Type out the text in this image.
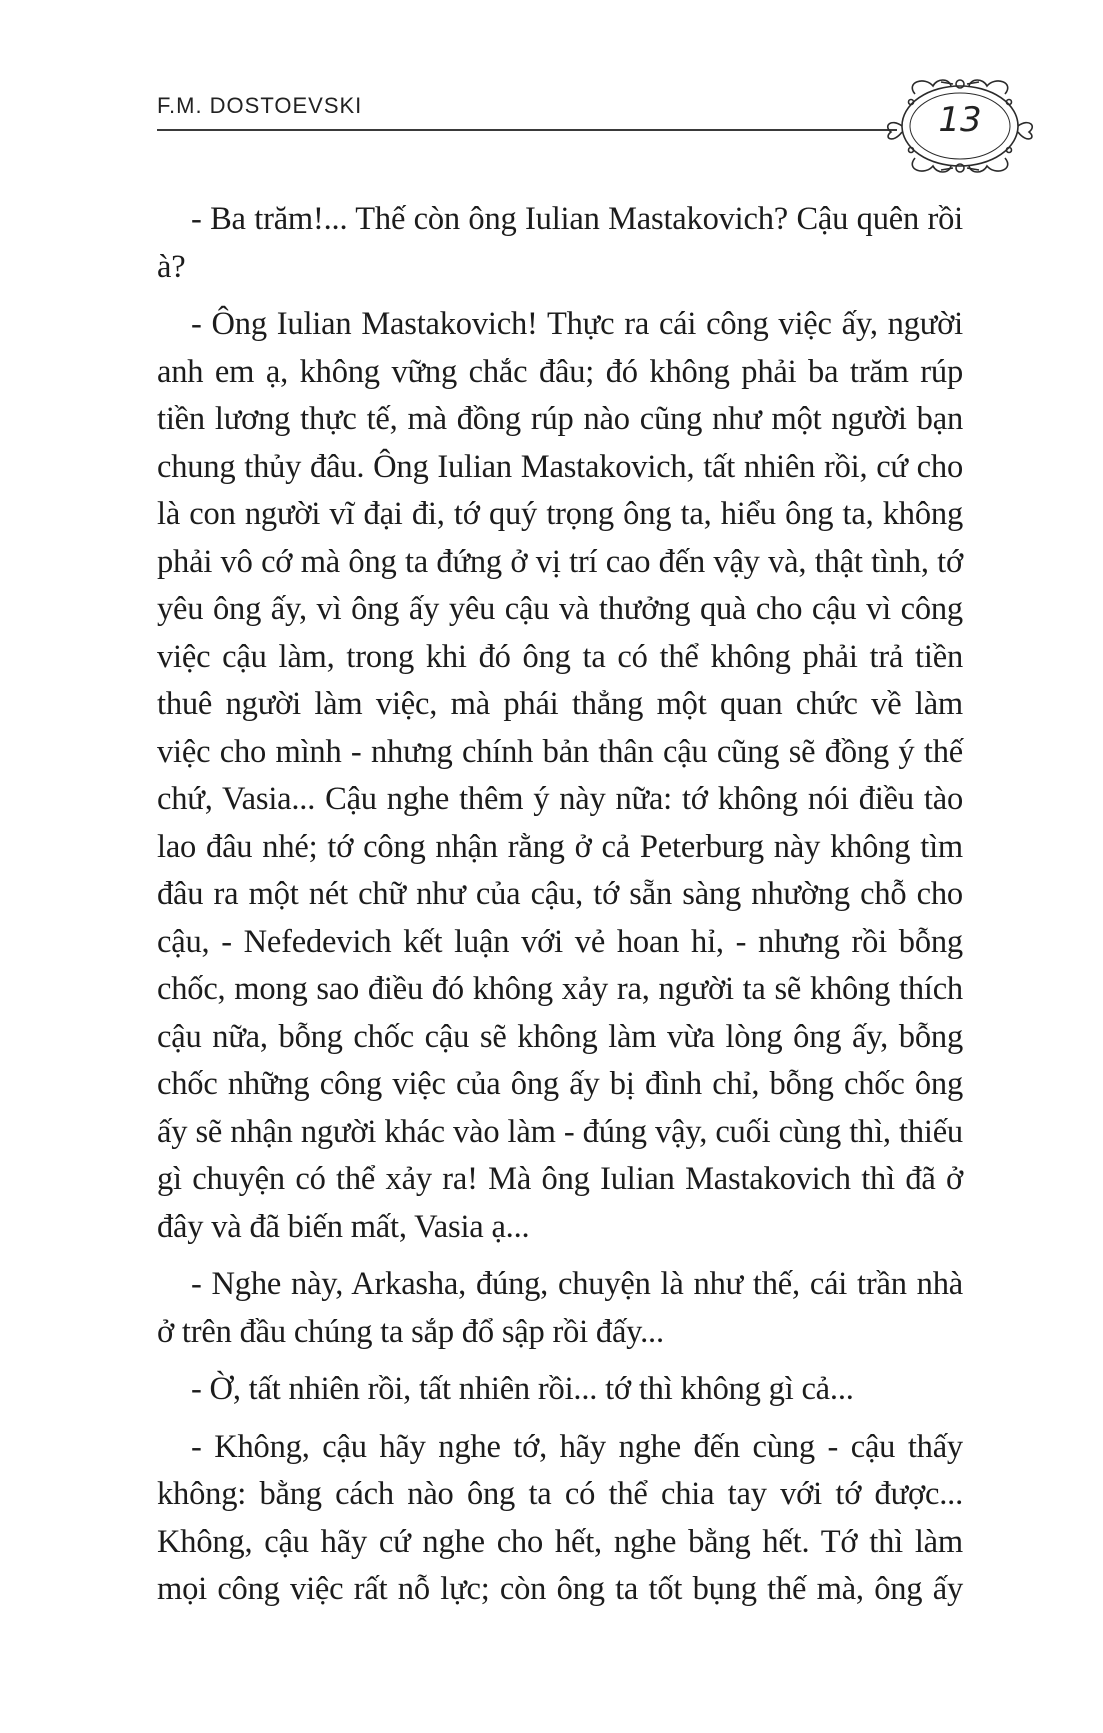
F.M. DOSTOEVSKI	13

- Ba trăm!... Thế còn ông Iulian Mastakovich? Cậu quên rồi à?

- Ông Iulian Mastakovich! Thực ra cái công việc ấy, người anh em ạ, không vững chắc đâu; đó không phải ba trăm rúp tiền lương thực tế, mà đồng rúp nào cũng như một người bạn chung thủy đâu. Ông Iulian Mastakovich, tất nhiên rồi, cứ cho là con người vĩ đại đi, tớ quý trọng ông ta, hiểu ông ta, không phải vô cớ mà ông ta đứng ở vị trí cao đến vậy và, thật tình, tớ yêu ông ấy, vì ông ấy yêu cậu và thưởng quà cho cậu vì công việc cậu làm, trong khi đó ông ta có thể không phải trả tiền thuê người làm việc, mà phái thẳng một quan chức về làm việc cho mình - nhưng chính bản thân cậu cũng sẽ đồng ý thế chứ, Vasia... Cậu nghe thêm ý này nữa: tớ không nói điều tào lao đâu nhé; tớ công nhận rằng ở cả Peterburg này không tìm đâu ra một nét chữ như của cậu, tớ sẵn sàng nhường chỗ cho cậu, - Nefedevich kết luận với vẻ hoan hỉ, - nhưng rồi bỗng chốc, mong sao điều đó không xảy ra, người ta sẽ không thích cậu nữa, bỗng chốc cậu sẽ không làm vừa lòng ông ấy, bỗng chốc những công việc của ông ấy bị đình chỉ, bỗng chốc ông ấy sẽ nhận người khác vào làm - đúng vậy, cuối cùng thì, thiếu gì chuyện có thể xảy ra! Mà ông Iulian Mastakovich thì đã ở đây và đã biến mất, Vasia ạ...

- Nghe này, Arkasha, đúng, chuyện là như thế, cái trần nhà ở trên đầu chúng ta sắp đổ sập rồi đấy...

- Ờ, tất nhiên rồi, tất nhiên rồi... tớ thì không gì cả...

- Không, cậu hãy nghe tớ, hãy nghe đến cùng - cậu thấy không: bằng cách nào ông ta có thể chia tay với tớ được... Không, cậu hãy cứ nghe cho hết, nghe bằng hết. Tớ thì làm mọi công việc rất nỗ lực; còn ông ta tốt bụng thế mà, ông ấy
